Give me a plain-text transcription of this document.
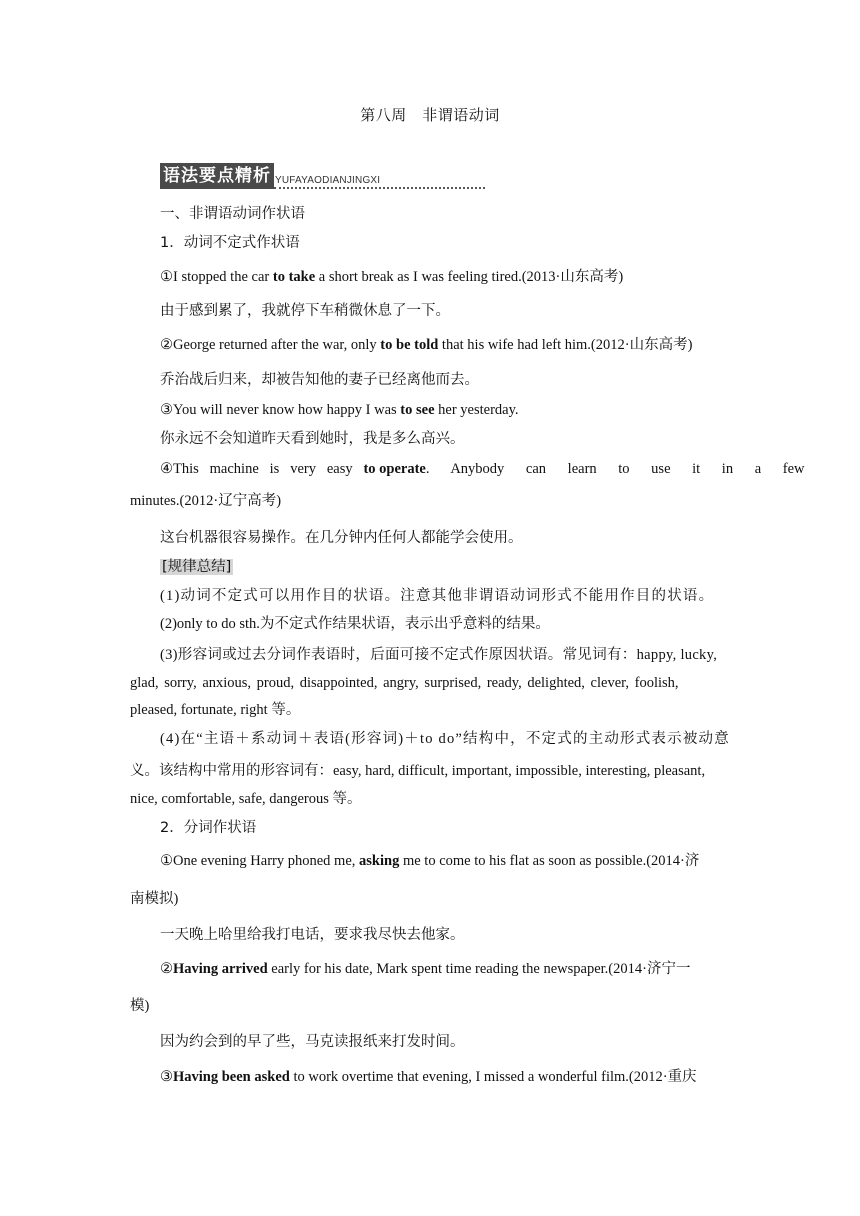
第八周　非谓语动词
语法要点精析 YUFAYAODIANJINGXI
一、非谓语动词作状语
1．动词不定式作状语
①I stopped the car to take a short break as I was feeling tired.(2013·山东高考)
由于感到累了，我就停下车稍微休息了一下。
②George returned after the war, only to be told that his wife had left him.(2012·山东高考)
乔治战后归来，却被告知他的妻子已经离他而去。
③You will never know how happy I was to see her yesterday.
你永远不会知道昨天看到她时，我是多么高兴。
④This   machine   is   very   easy   to operate . Anybody can learn to use it in a few
minutes.(2012·辽宁高考)
这台机器很容易操作。在几分钟内任何人都能学会使用。
[规律总结]
(1)动词不定式可以用作目的状语。注意其他非谓语动词形式不能用作目的状语。
(2)only to do sth.为不定式作结果状语，表示出乎意料的结果。
(3)形容词或过去分词作表语时，后面可接不定式作原因状语。常见词有：happy, lucky,
glad, sorry, anxious, proud, disappointed, angry, surprised, ready, delighted, clever, foolish,
pleased, fortunate, right 等。
(4)在“主语＋系动词＋表语(形容词)＋to do”结构中，不定式的主动形式表示被动意
义。该结构中常用的形容词有：easy, hard, difficult, important, impossible, interesting, pleasant,
nice, comfortable, safe, dangerous 等。
2．分词作状语
①One evening Harry phoned me, asking me to come to his flat as soon as possible.(2014·济
南模拟)
一天晚上哈里给我打电话，要求我尽快去他家。
②Having arrived early for his date, Mark spent time reading the newspaper.(2014·济宁一
模)
因为约会到的早了些，马克读报纸来打发时间。
③Having been asked to work overtime that evening, I missed a wonderful film.(2012·重庆
